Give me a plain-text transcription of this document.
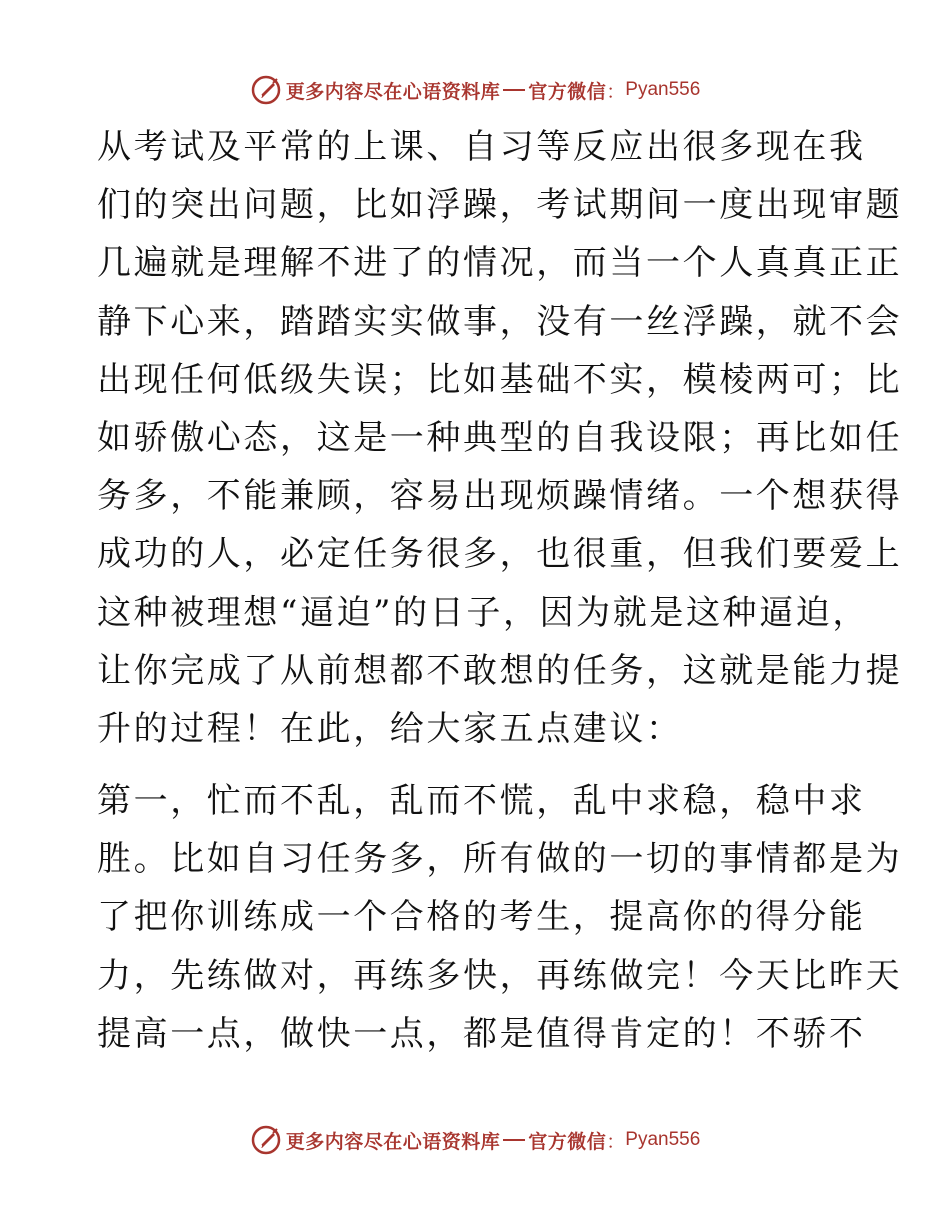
更多内容尽在心语资料库 官方微信 ： Pyan556

从考试及平常的上课、自习等反应出很多现在我
们的突出问题，比如浮躁，考试期间一度出现审题
几遍就是理解不进了的情况，而当一个人真真正正
静下心来，踏踏实实做事，没有一丝浮躁，就不会
出现任何低级失误；比如基础不实，模棱两可；比
如骄傲心态，这是一种典型的自我设限；再比如任
务多，不能兼顾，容易出现烦躁情绪。一个想获得
成功的人，必定任务很多，也很重，但我们要爱上
这种被理想“逼迫”的日子，因为就是这种逼迫，
让你完成了从前想都不敢想的任务，这就是能力提
升的过程！在此，给大家五点建议：

第一，忙而不乱，乱而不慌，乱中求稳，稳中求
胜。比如自习任务多，所有做的一切的事情都是为
了把你训练成一个合格的考生，提高你的得分能
力，先练做对，再练多快，再练做完！今天比昨天
提高一点，做快一点，都是值得肯定的！不骄不

更多内容尽在心语资料库 官方微信 ： Pyan556
